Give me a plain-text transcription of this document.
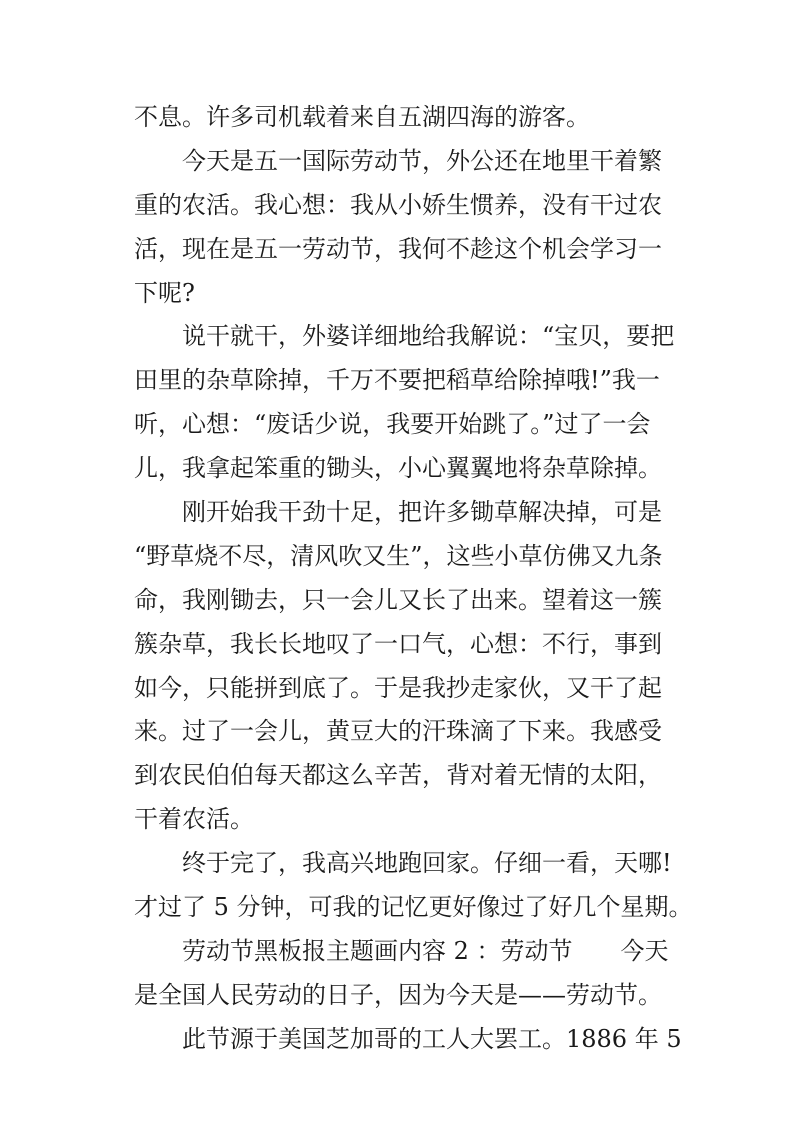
不息。许多司机载着来自五湖四海的游客。
今天是五一国际劳动节，外公还在地里干着繁
重的农活。我心想：我从小娇生惯养，没有干过农
活，现在是五一劳动节，我何不趁这个机会学习一
下呢?
说干就干，外婆详细地给我解说：“宝贝，要把
田里的杂草除掉，千万不要把稻草给除掉哦!”我一
听，心想：“废话少说，我要开始跳了。”过了一会
儿，我拿起笨重的锄头，小心翼翼地将杂草除掉。
刚开始我干劲十足，把许多锄草解决掉，可是
“野草烧不尽，清风吹又生”，这些小草仿佛又九条
命，我刚锄去，只一会儿又长了出来。望着这一簇
簇杂草，我长长地叹了一口气，心想：不行，事到
如今，只能拼到底了。于是我抄走家伙，又干了起
来。过了一会儿，黄豆大的汗珠滴了下来。我感受
到农民伯伯每天都这么辛苦，背对着无情的太阳，
干着农活。
终于完了，我高兴地跑回家。仔细一看，天哪!
才过了 5 分钟，可我的记忆更好像过了好几个星期。
劳动节黑板报主题画内容 2 ：劳动节　　今天
是全国人民劳动的日子，因为今天是——劳动节。
此节源于美国芝加哥的工人大罢工。1886 年 5
